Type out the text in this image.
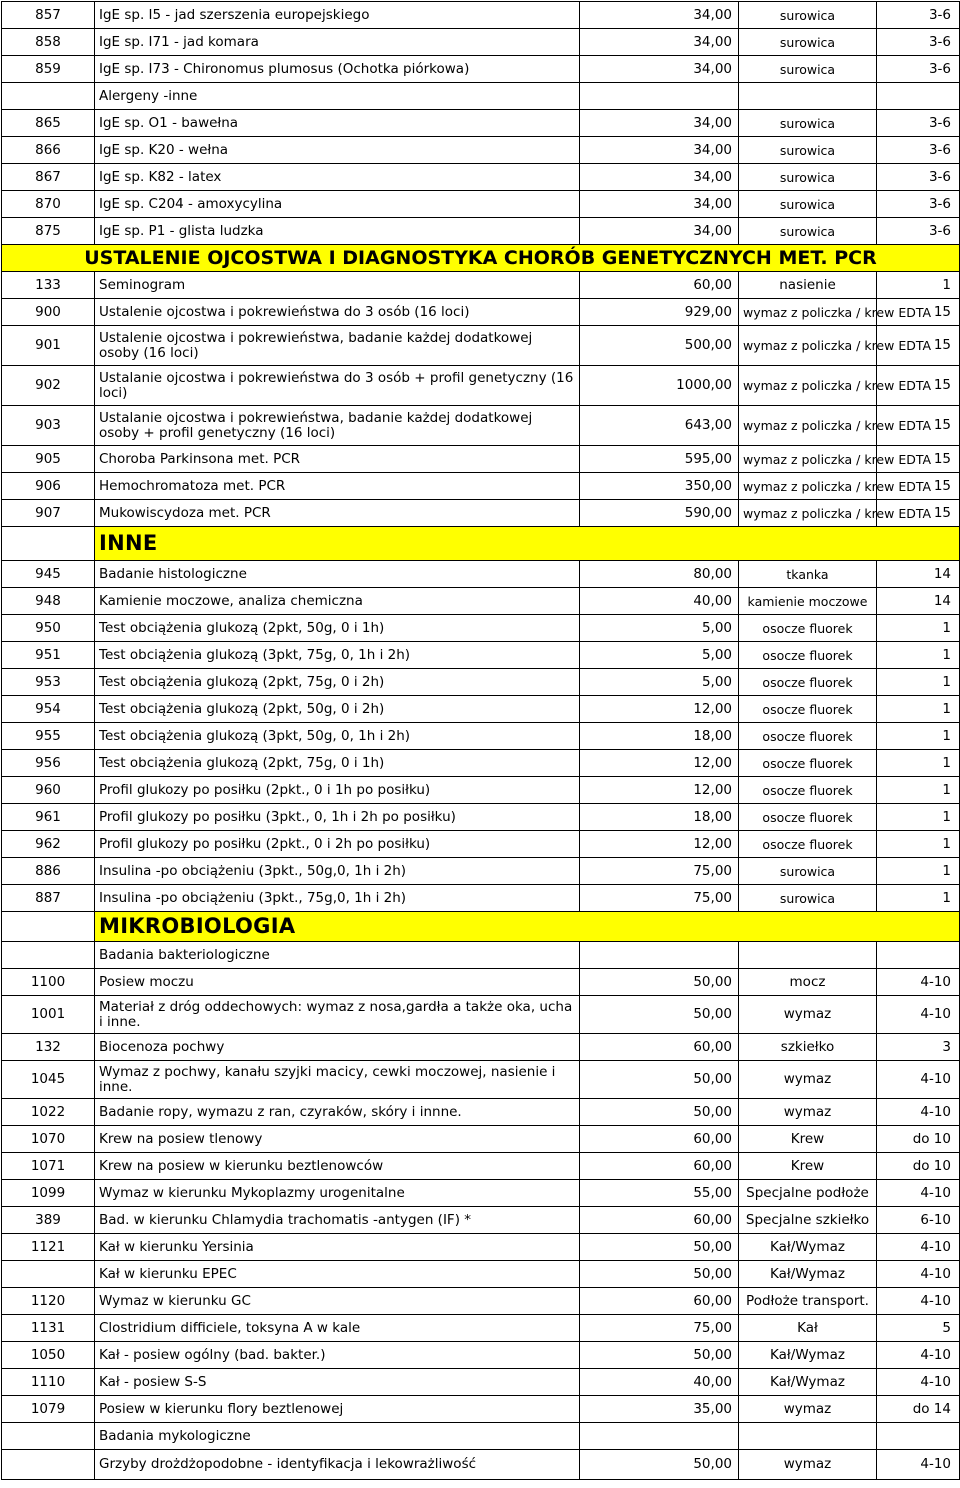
857	IgE sp. I5 - jad szerszenia europejskiego	34,00	surowica	3-6
858	IgE sp. I71 - jad komara	34,00	surowica	3-6
859	IgE sp. I73 - Chironomus plumosus (Ochotka piórkowa)	34,00	surowica	3-6
	Alergeny -inne			
865	IgE sp. O1 - bawełna	34,00	surowica	3-6
866	IgE sp. K20 - wełna	34,00	surowica	3-6
867	IgE sp. K82 - latex	34,00	surowica	3-6
870	IgE sp. C204 - amoxycylina	34,00	surowica	3-6
875	IgE sp. P1 - glista ludzka	34,00	surowica	3-6
USTALENIE OJCOSTWA I DIAGNOSTYKA CHORÓB GENETYCZNYCH MET. PCR				
133	Seminogram	60,00	nasienie	1
900	Ustalenie ojcostwa i pokrewieństwa do 3 osób (16 loci)	929,00	wymaz z policzka / krew EDTA	15
901	Ustalenie ojcostwa i pokrewieństwa, badanie każdej dodatkowej osoby (16 loci)	500,00	wymaz z policzka / krew EDTA	15
902	Ustalanie ojcostwa i pokrewieństwa do 3 osób + profil genetyczny (16 loci)	1000,00	wymaz z policzka / krew EDTA	15
903	Ustalanie ojcostwa i pokrewieństwa, badanie każdej dodatkowej osoby + profil genetyczny (16 loci)	643,00	wymaz z policzka / krew EDTA	15
905	Choroba Parkinsona met. PCR	595,00	wymaz z policzka / krew EDTA	15
906	Hemochromatoza met. PCR	350,00	wymaz z policzka / krew EDTA	15
907	Mukowiscydoza met. PCR	590,00	wymaz z policzka / krew EDTA	15
	INNE			
945	Badanie histologiczne	80,00	tkanka	14
948	Kamienie moczowe, analiza chemiczna	40,00	kamienie moczowe	14
950	Test obciążenia glukozą (2pkt, 50g, 0 i 1h)	5,00	osocze fluorek	1
951	Test obciążenia glukozą (3pkt, 75g, 0, 1h i 2h)	5,00	osocze fluorek	1
953	Test obciążenia glukozą (2pkt, 75g, 0 i 2h)	5,00	osocze fluorek	1
954	Test obciążenia glukozą (2pkt, 50g, 0 i 2h)	12,00	osocze fluorek	1
955	Test obciążenia glukozą (3pkt, 50g, 0, 1h i 2h)	18,00	osocze fluorek	1
956	Test obciążenia glukozą (2pkt, 75g, 0 i 1h)	12,00	osocze fluorek	1
960	Profil glukozy po posiłku (2pkt., 0 i 1h po posiłku)	12,00	osocze fluorek	1
961	Profil glukozy po posiłku (3pkt., 0, 1h i 2h po posiłku)	18,00	osocze fluorek	1
962	Profil glukozy po posiłku (2pkt., 0 i 2h po posiłku)	12,00	osocze fluorek	1
886	Insulina -po obciążeniu (3pkt., 50g,0, 1h i 2h)	75,00	surowica	1
887	Insulina -po obciążeniu (3pkt., 75g,0, 1h i 2h)	75,00	surowica	1
	MIKROBIOLOGIA			
	Badania bakteriologiczne			
1100	Posiew moczu	50,00	mocz	4-10
1001	Materiał z dróg oddechowych: wymaz z nosa,gardła a także oka, ucha i inne.	50,00	wymaz	4-10
132	Biocenoza pochwy	60,00	szkiełko	3
1045	Wymaz z pochwy, kanału szyjki macicy, cewki moczowej, nasienie i inne.	50,00	wymaz	4-10
1022	Badanie ropy, wymazu z ran, czyraków, skóry i innne.	50,00	wymaz	4-10
1070	Krew na posiew tlenowy	60,00	Krew	do 10
1071	Krew na posiew w kierunku beztlenowców	60,00	Krew	do 10
1099	Wymaz w kierunku Mykoplazmy urogenitalne	55,00	Specjalne podłoże	4-10
389	Bad. w kierunku Chlamydia trachomatis -antygen (IF) *	60,00	Specjalne szkiełko	6-10
1121	Kał w kierunku Yersinia	50,00	Kał/Wymaz	4-10
	Kał w kierunku EPEC	50,00	Kał/Wymaz	4-10
1120	Wymaz w kierunku GC	60,00	Podłoże transport.	4-10
1131	Clostridium difficiele, toksyna A w kale	75,00	Kał	5
1050	Kał - posiew ogólny (bad. bakter.)	50,00	Kał/Wymaz	4-10
1110	Kał - posiew S-S	40,00	Kał/Wymaz	4-10
1079	Posiew w kierunku flory beztlenowej	35,00	wymaz	do 14
	Badania mykologiczne			
	Grzyby drożdżopodobne - identyfikacja i lekowrażliwość	50,00	wymaz	4-10
